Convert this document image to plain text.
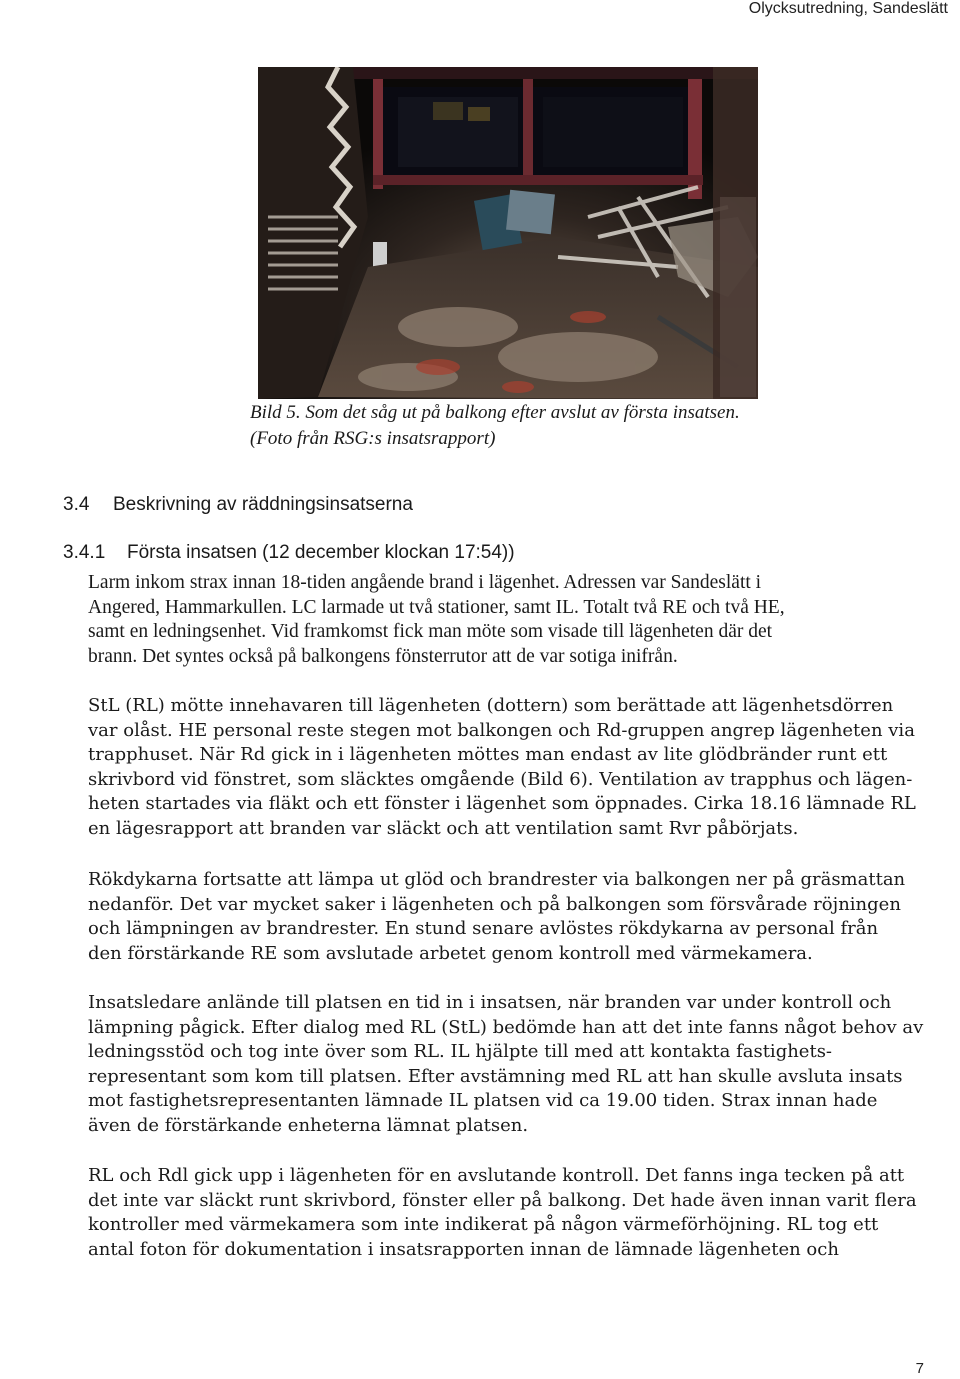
Olycksutredning, Sandeslätt
Bild 5. Som det såg ut på balkong efter avslut av första insatsen.
(Foto från RSG:s insatsrapport)
3.4 Beskrivning av räddningsinsatserna
3.4.1 Första insatsen (12 december klockan 17:54))
Larm inkom strax innan 18-tiden angående brand i lägenhet. Adressen var Sandeslätt i
Angered, Hammarkullen. LC larmade ut två stationer, samt IL. Totalt två RE och två HE,
samt en ledningsenhet. Vid framkomst fick man möte som visade till lägenheten där det
brann. Det syntes också på balkongens fönsterrutor att de var sotiga inifrån.
StL (RL) mötte innehavaren till lägenheten (dottern) som berättade att lägenhetsdörren
var olåst. HE personal reste stegen mot balkongen och Rd-gruppen angrep lägenheten via
trapphuset. När Rd gick in i lägenheten möttes man endast av lite glödbränder runt ett
skrivbord vid fönstret, som släcktes omgående (Bild 6). Ventilation av trapphus och lägen-
heten startades via fläkt och ett fönster i lägenhet som öppnades. Cirka 18.16 lämnade RL
en lägesrapport att branden var släckt och att ventilation samt Rvr påbörjats.
Rökdykarna fortsatte att lämpa ut glöd och brandrester via balkongen ner på gräsmattan
nedanför. Det var mycket saker i lägenheten och på balkongen som försvårade röjningen
och lämpningen av brandrester. En stund senare avlöstes rökdykarna av personal från
den förstärkande RE som avslutade arbetet genom kontroll med värmekamera.
Insatsledare anlände till platsen en tid in i insatsen, när branden var under kontroll och
lämpning pågick. Efter dialog med RL (StL) bedömde han att det inte fanns något behov av
ledningsstöd och tog inte över som RL. IL hjälpte till med att kontakta fastighets-
representant som kom till platsen. Efter avstämning med RL att han skulle avsluta insats
mot fastighetsrepresentanten lämnade IL platsen vid ca 19.00 tiden. Strax innan hade
även de förstärkande enheterna lämnat platsen.
RL och Rdl gick upp i lägenheten för en avslutande kontroll. Det fanns inga tecken på att
det inte var släckt runt skrivbord, fönster eller på balkong. Det hade även innan varit flera
kontroller med värmekamera som inte indikerat på någon värmeförhöjning. RL tog ett
antal foton för dokumentation i insatsrapporten innan de lämnade lägenheten och
7
